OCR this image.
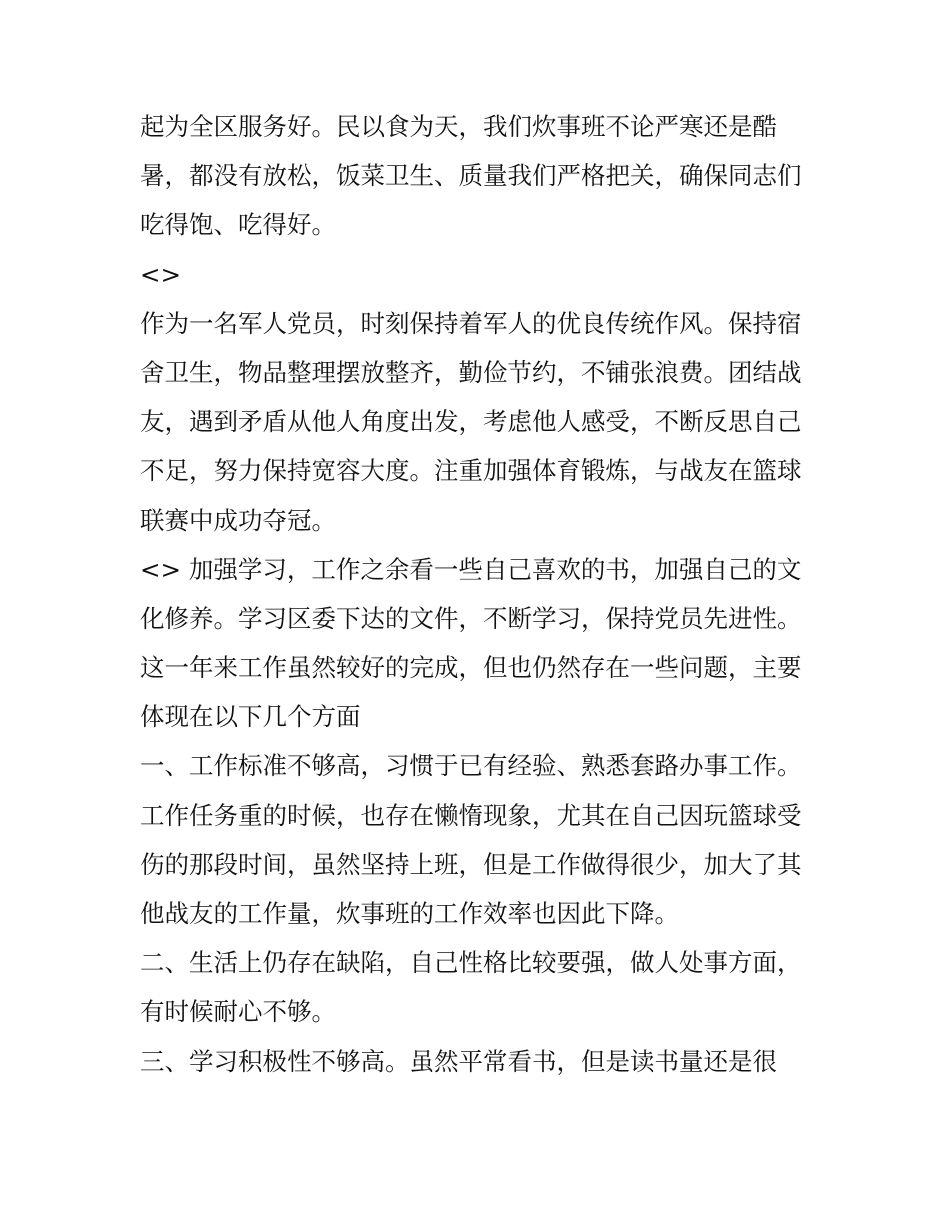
起为全区服务好。民以食为天，我们炊事班不论严寒还是酷
暑，都没有放松，饭菜卫生、质量我们严格把关，确保同志们
吃得饱、吃得好。
<>
作为一名军人党员，时刻保持着军人的优良传统作风。保持宿
舍卫生，物品整理摆放整齐，勤俭节约，不铺张浪费。团结战
友，遇到矛盾从他人角度出发，考虑他人感受，不断反思自己
不足，努力保持宽容大度。注重加强体育锻炼，与战友在篮球
联赛中成功夺冠。
<> 加强学习，工作之余看一些自己喜欢的书，加强自己的文
化修养。学习区委下达的文件，不断学习，保持党员先进性。
这一年来工作虽然较好的完成，但也仍然存在一些问题，主要
体现在以下几个方面
一、工作标准不够高，习惯于已有经验、熟悉套路办事工作。
工作任务重的时候，也存在懒惰现象，尤其在自己因玩篮球受
伤的那段时间，虽然坚持上班，但是工作做得很少，加大了其
他战友的工作量，炊事班的工作效率也因此下降。
二、生活上仍存在缺陷，自己性格比较要强，做人处事方面，
有时候耐心不够。
三、学习积极性不够高。虽然平常看书，但是读书量还是很
